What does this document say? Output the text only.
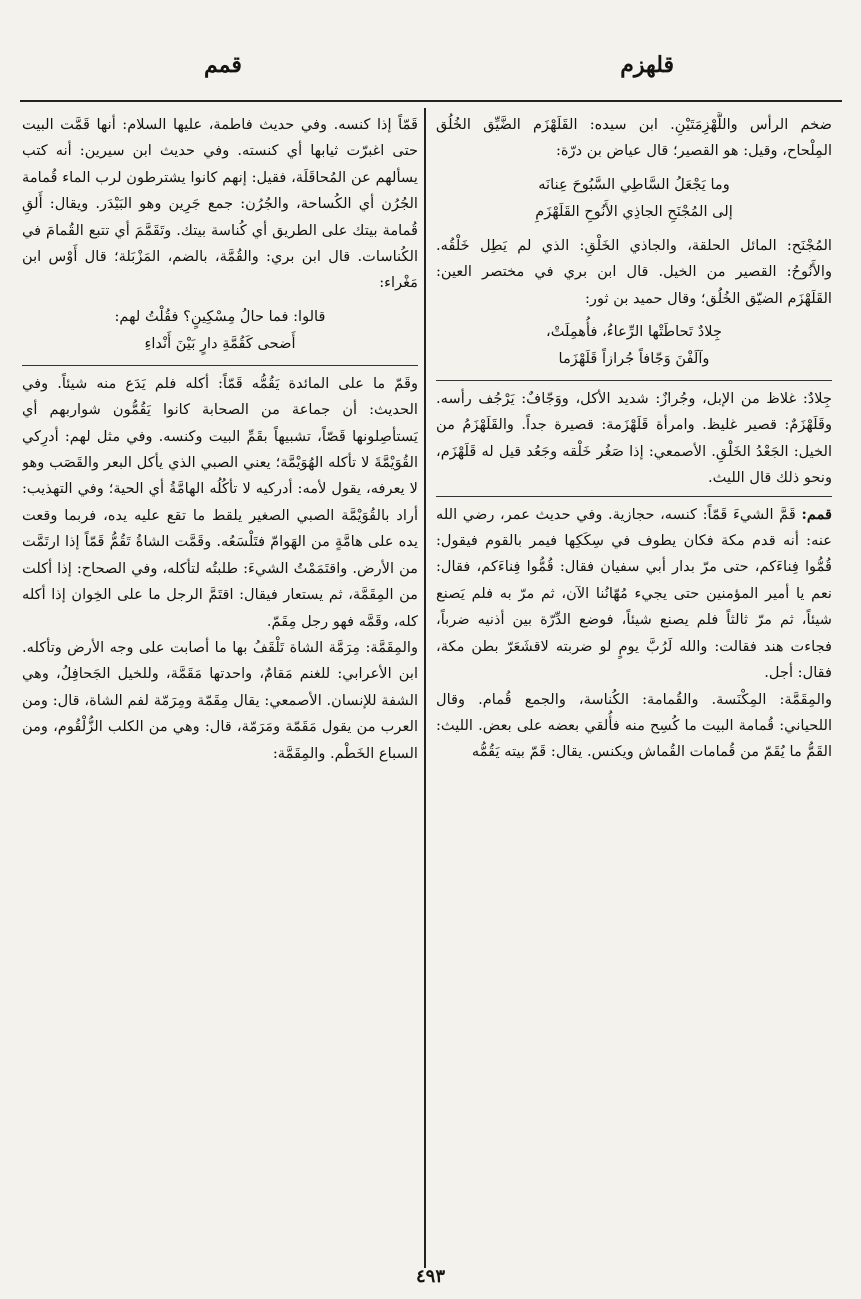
قلهزم
قمم

ضخم الرأس واللَّهْزِمَتَيْنِ. ابن سيده: القَلَهْزَم الضَّيِّق الخُلُق المِلْحاح، وقيل: هو القصير؛ قال عياض بن درّة:

وما يَجْعَلُ السَّاطِي السَّبُوحَ عِنانَه
إلى المُجْنَحِ الجاذِي الأَنُوحِ القَلَهْزَمِ

المُجْنَح: المائل الحلقة، والجاذي الخَلْقِ: الذي لم يَطِل خَلْقُه. والأَنُوحُ: القصير من الخيل. قال ابن بري في مختصر العين: القَلَهْزَم الضيّق الخُلُق؛ وقال حميد بن ثور:

جِلادٌ تَحاطَتْها الرِّعاءُ، فأُهمِلَتْ،
وآلَفْنَ وَجّافاً جُرازاً قَلَهْزَما

جِلادٌ: غلاظ من الإبل، وجُرازٌ: شديد الأكل، ووَجّافٌ: يَرْجُف رأسه. وقَلَهْزَمٌ: قصير غليظ. وامرأة قَلَهْزَمة: قصيرة جداً. والقَلَهْزَمُ من الخيل: الجَعْدُ الخَلْقِ. الأصمعي: إذا صَغُر خَلْقه وجَعُد قيل له قَلَهْزَم، ونحو ذلك قال الليث.

قمم: قَمَّ الشيءَ قَمّاً: كنسه، حجازية. وفي حديث عمر، رضي الله عنه: أنه قدم مكة فكان يطوف في سِكَكِها فيمر بالقوم فيقول: قُمُّوا فِناءَكم، حتى مرّ بدار أبي سفيان فقال: قُمُّوا فِناءَكم، فقال: نعم يا أمير المؤمنين حتى يجيء مُهّانُنا الآن، ثم مرّ به فلم يَصنع شيئاً، ثم مرّ ثالثاً فلم يصنع شيئاً، فوضع الدِّرّة بين أذنيه ضرباً، فجاءت هند فقالت: والله لَرُبَّ يومٍ لو ضربته لاقشَعَرّ بطن مكة، فقال: أجل.

والمِقَمَّة: المِكْنَسة. والقُمامة: الكُناسة، والجمع قُمام. وقال اللحياني: قُمامة البيت ما كُسِح منه فأُلقي بعضه على بعض. الليث: القَمُّ ما يُقَمّ من قُمامات القُماش ويكنس. يقال: قَمّ بيته يَقُمُّه

قَمّاً إذا كنسه. وفي حديث فاطمة، عليها السلام: أنها قَمَّت البيت حتى اغبرّت ثيابها أي كنسته. وفي حديث ابن سيرين: أنه كتب يسألهم عن المُحاقَلَة، فقيل: إنهم كانوا يشترطون لرب الماء قُمامة الجُرُن أي الكُساحة، والجُرُن: جمع جَرِين وهو البَيْدَر. ويقال: أَلقِ قُمامة بيتك على الطريق أي كُناسة بيتك. وتَقَمَّمَ أي تتبع القُمامَ في الكُناسات. قال ابن بري: والقُمَّة، بالضم، المَزْبَلة؛ قال أَوْس ابن مَغْراء:

قالوا: فما حالُ مِسْكِينٍ؟ فقُلْتُ لهم:
أَضحى كَقُمَّةِ دارٍ بَيْنَ أَنْداءِ

وقَمّ ما على المائدة يَقُمُّه قَمّاً: أكله فلم يَدَع منه شيئاً. وفي الحديث: أن جماعة من الصحابة كانوا يَقُمُّون شواربهم أي يَستأصِلونها قَصّاً، تشبيهاً بقَمِّ البيت وكنسه. وفي مثل لهم: أدرِكي القُوَيْمَّةَ لا تأكله الهُوَيْمَّة؛ يعني الصبي الذي يأكل البعر والقَصَب وهو لا يعرفه، يقول لأمه: أدركيه لا تأكُلُه الهامَّةُ أي الحية؛ وفي التهذيب: أراد بالقُوَيْمَّة الصبي الصغير يلقط ما تقع عليه يده، فربما وقعت يده على هامَّةٍ من الهَوامّ فتَلْسَعُه. وقَمَّت الشاةُ تَقُمُّ قَمّاً إذا ارتَمَّت من الأرض. واقتَمَمْتُ الشيءَ: طلبتُه لتأكله، وفي الصحاح: إذا أكلت من المِقَمَّة، ثم يستعار فيقال: اقتَمَّ الرجل ما على الخِوان إذا أكله كله، وقَمَّه فهو رجل مِقَمّ.

والمِقَمَّة: مِرَمَّة الشاة تَلْقَفُ بها ما أصابت على وجه الأرض وتأكله. ابن الأعرابي: للغنم مَقامٌ، واحدتها مَقَمَّة، وللخيل الجَحافِلُ، وهي الشفة للإنسان. الأصمعي: يقال مِقَمّة ومِرَمّة لفم الشاة، قال: ومن العرب من يقول مَقَمّة ومَرَمّة، قال: وهي من الكلب الزُّلْقُوم، ومن السباع الخَطْم. والمِقَمَّة:

٤٩٣
